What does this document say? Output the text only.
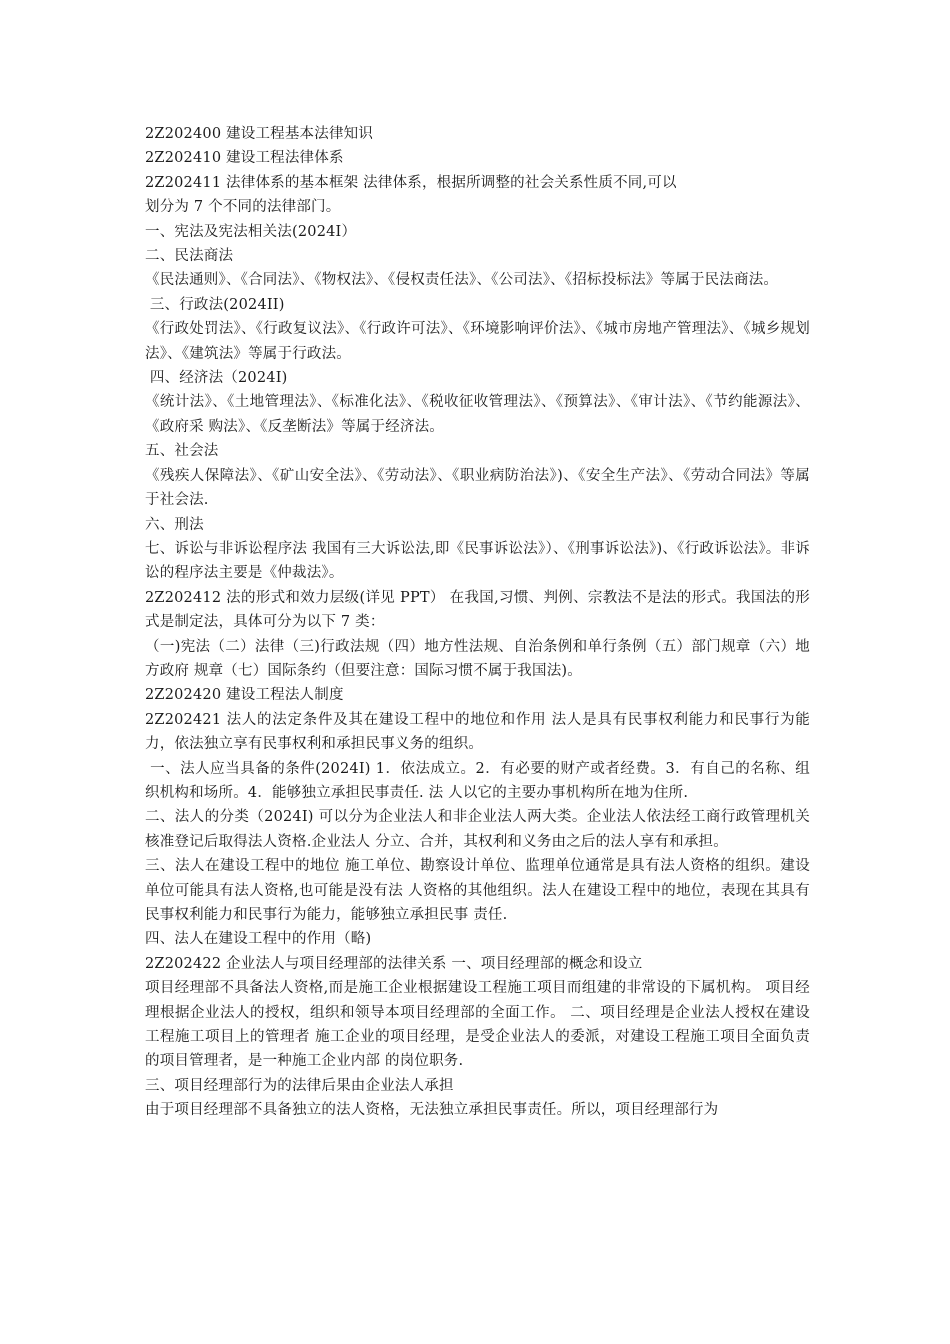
2Z202400 建设工程基本法律知识

2Z202410 建设工程法律体系

2Z202411 法律体系的基本框架 法律体系，根据所调整的社会关系性质不同,可以

划分为 7 个不同的法律部门。

一、宪法及宪法相关法(2024I）

二、民法商法

《民法通则》、《合同法》、《物权法》、《侵权责任法》、《公司法》、《招标投标法》等属于民法商法。

三、行政法(2024II)

《行政处罚法》、《行政复议法》、《行政许可法》、《环境影响评价法》、《城市房地产管理法》、《城乡规划法》、《建筑法》等属于行政法。

四、经济法（2024I)

《统计法》、《土地管理法》、《标准化法》、《税收征收管理法》、《预算法》、《审计法》、《节约能源法》、《政府采 购法》、《反垄断法》等属于经济法。

五、社会法

《残疾人保障法》、《矿山安全法》、《劳动法》、《职业病防治法》)、《安全生产法》、《劳动合同法》等属于社会法.

六、刑法

七、诉讼与非诉讼程序法 我国有三大诉讼法,即《民事诉讼法》）、《刑事诉讼法》)、《行政诉讼法》。非诉讼的程序法主要是《仲裁法》。

2Z202412 法的形式和效力层级(详见 PPT） 在我国,习惯、判例、宗教法不是法的形式。我国法的形式是制定法，具体可分为以下 7 类：

（一)宪法（二）法律（三)行政法规（四）地方性法规、自治条例和单行条例（五）部门规章（六）地方政府 规章（七）国际条约（但要注意：国际习惯不属于我国法)。

2Z202420 建设工程法人制度

2Z202421 法人的法定条件及其在建设工程中的地位和作用 法人是具有民事权利能力和民事行为能力，依法独立享有民事权利和承担民事义务的组织。

一、法人应当具备的条件(2024I) 1．依法成立。2．有必要的财产或者经费。3．有自己的名称、组织机构和场所。4．能够独立承担民事责任. 法 人以它的主要办事机构所在地为住所.

二、法人的分类（2024I) 可以分为企业法人和非企业法人两大类。企业法人依法经工商行政管理机关核准登记后取得法人资格.企业法人 分立、合并，其权利和义务由之后的法人享有和承担。

三、法人在建设工程中的地位 施工单位、勘察设计单位、监理单位通常是具有法人资格的组织。建设单位可能具有法人资格,也可能是没有法 人资格的其他组织。法人在建设工程中的地位，表现在其具有民事权利能力和民事行为能力，能够独立承担民事 责任.

四、法人在建设工程中的作用（略)

2Z202422 企业法人与项目经理部的法律关系 一、项目经理部的概念和设立

项目经理部不具备法人资格,而是施工企业根据建设工程施工项目而组建的非常设的下属机构。 项目经理根据企业法人的授权，组织和领导本项目经理部的全面工作。 二、项目经理是企业法人授权在建设工程施工项目上的管理者 施工企业的项目经理，是受企业法人的委派，对建设工程施工项目全面负责的项目管理者，是一种施工企业内部 的岗位职务.

三、项目经理部行为的法律后果由企业法人承担

由于项目经理部不具备独立的法人资格，无法独立承担民事责任。所以，项目经理部行为
